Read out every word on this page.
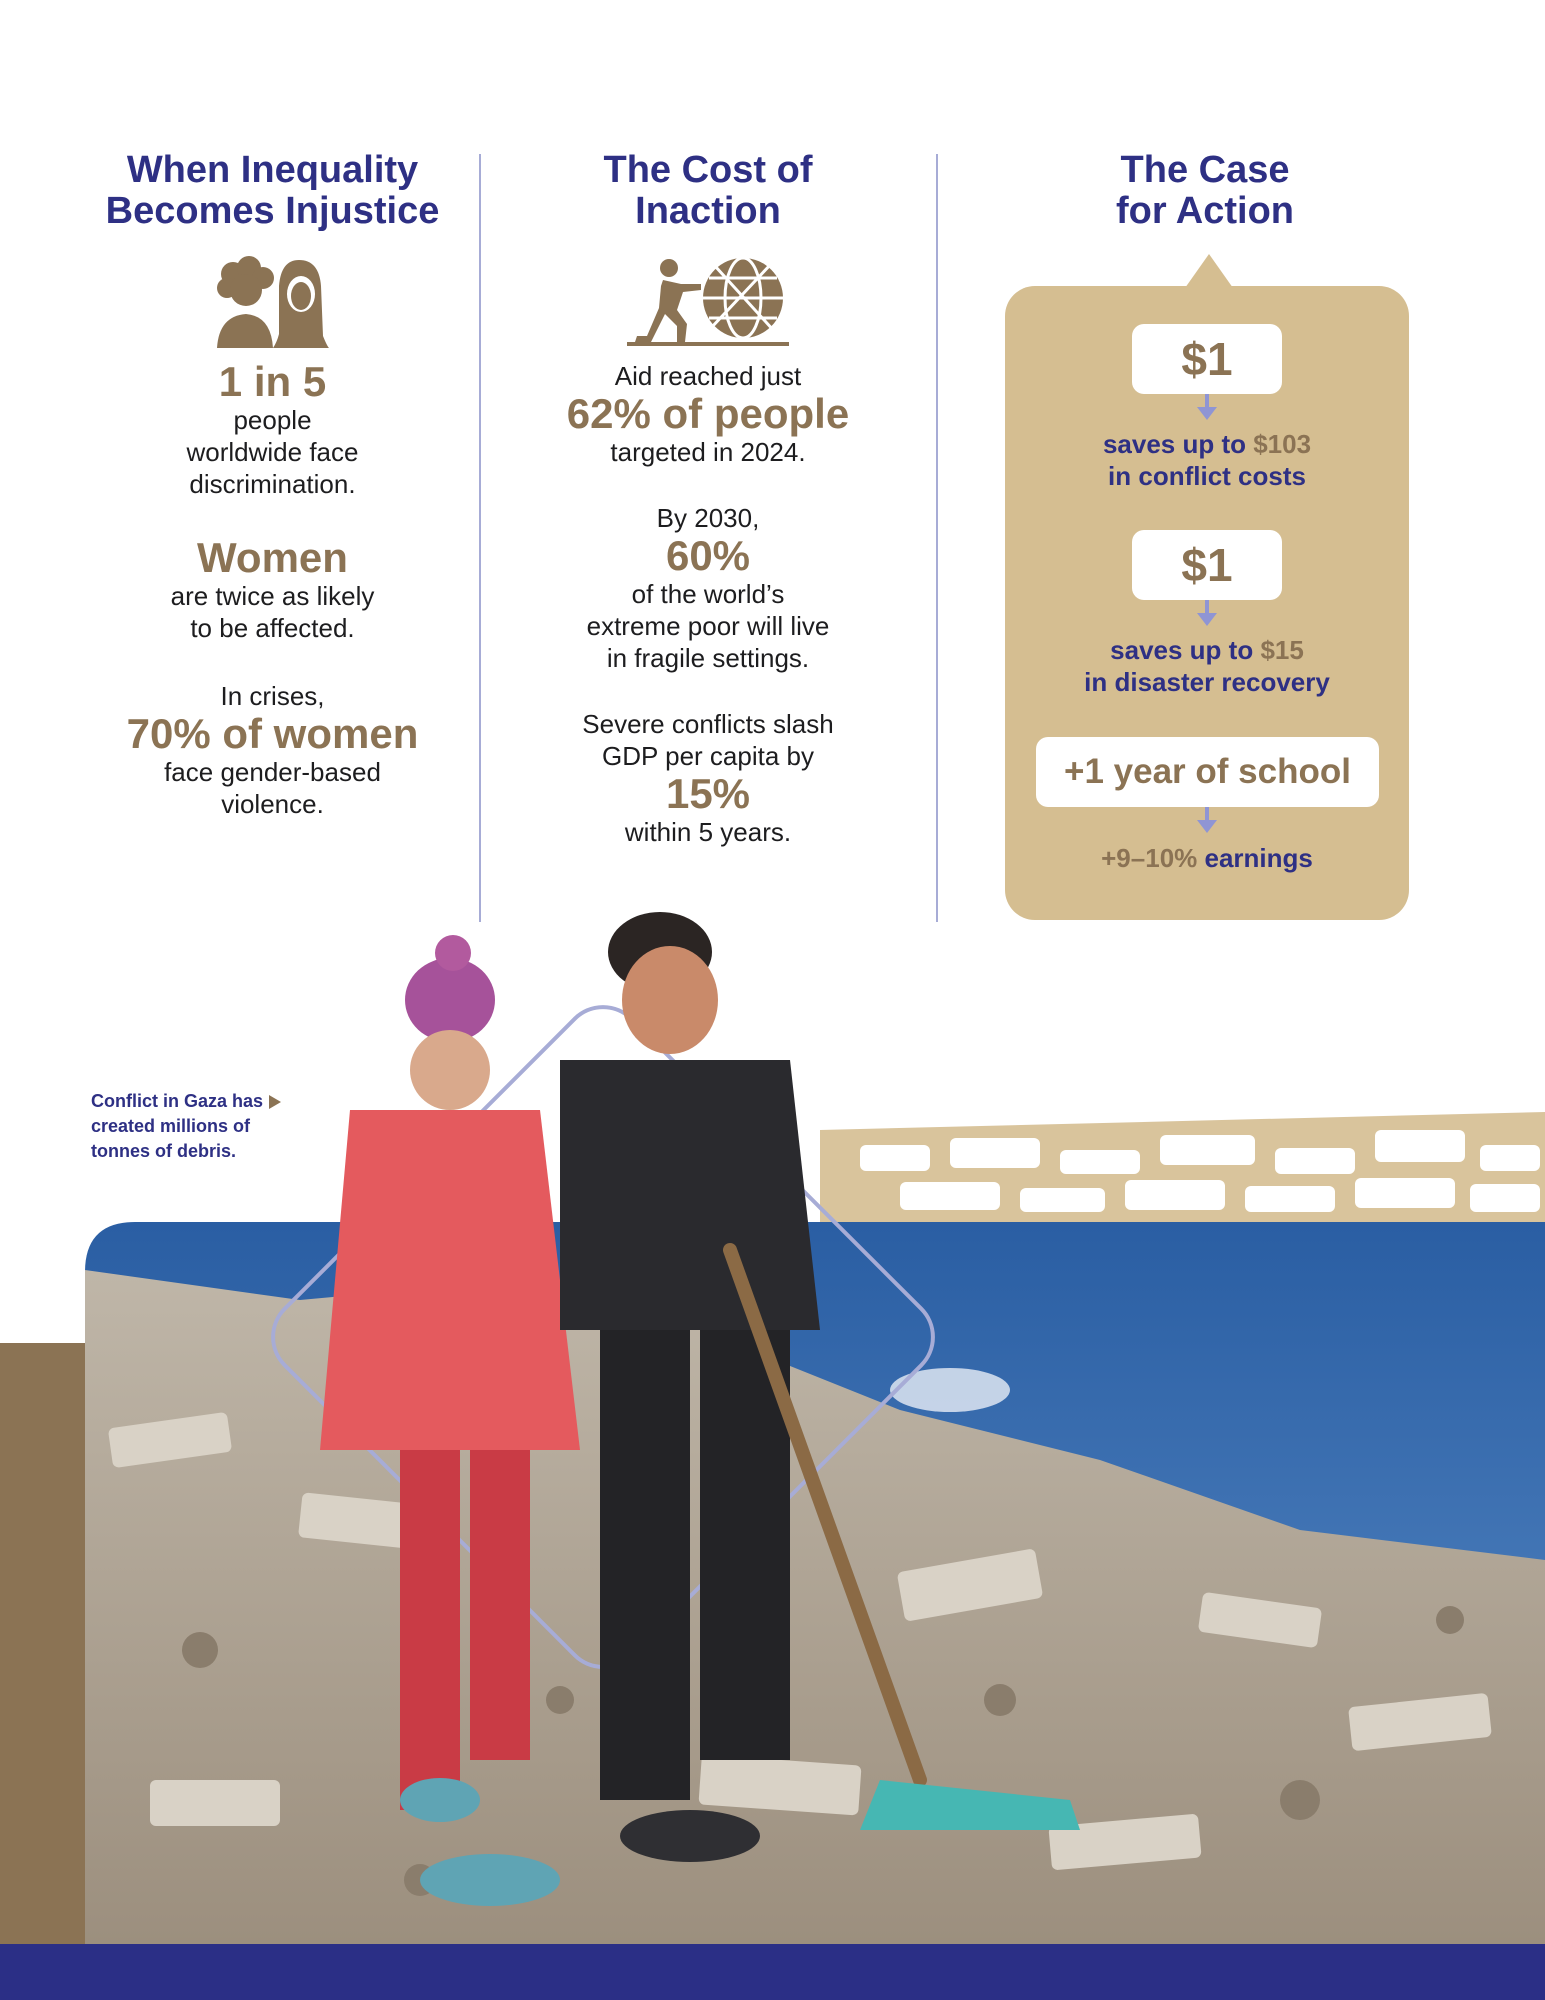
When Inequality
Becomes Injustice
1 in 5
people
worldwide face
discrimination.
Women
are twice as likely
to be affected.
In crises,
70% of women
face gender-based
violence.
The Cost of
Inaction
Aid reached just
62% of people
targeted in 2024.
By 2030,
60%
of the world’s
extreme poor will live
in fragile settings.
Severe conflicts slash
GDP per capita by
15%
within 5 years.
The Case
for Action
$1
saves up to $103
in conflict costs
$1
saves up to $15
in disaster recovery
+1 year of school
+9–10% earnings
Conflict in Gaza has
created millions of
tonnes of debris.
